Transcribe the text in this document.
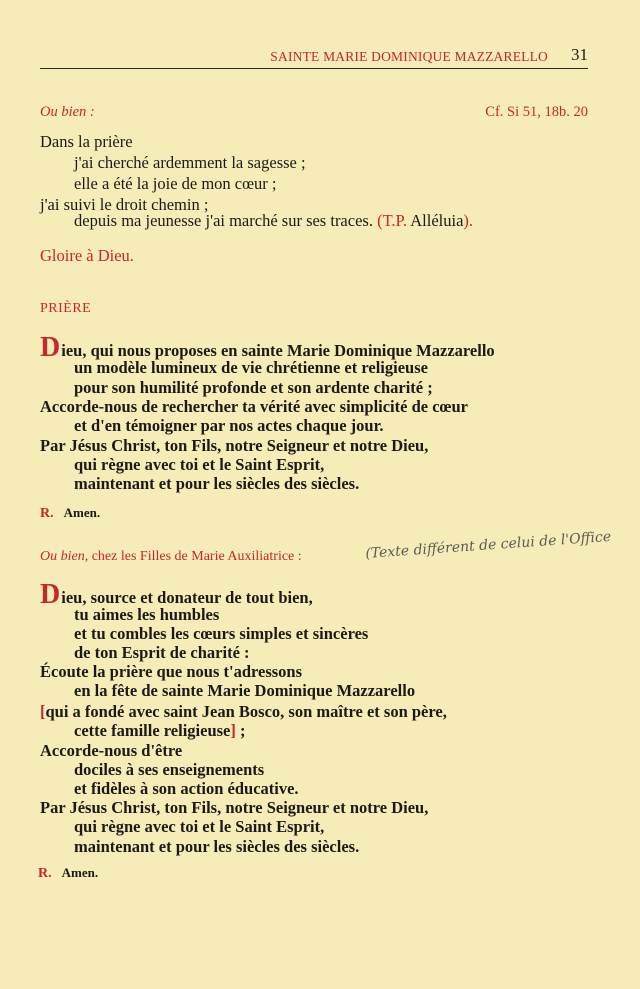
SAINTE MARIE DOMINIQUE MAZZARELLO 31
Ou bien :	Cf. Si 51, 18b. 20
Dans la prière
j'ai cherché ardemment la sagesse ;
elle a été la joie de mon cœur ;
j'ai suivi le droit chemin ;
depuis ma jeunesse j'ai marché sur ses traces. (T.P. Alléluia).
Gloire à Dieu.
PRIÈRE
Dieu, qui nous proposes en sainte Marie Dominique Mazzarello
un modèle lumineux de vie chrétienne et religieuse
pour son humilité profonde et son ardente charité ;
Accorde-nous de rechercher ta vérité avec simplicité de cœur
et d'en témoigner par nos actes chaque jour.
Par Jésus Christ, ton Fils, notre Seigneur et notre Dieu,
qui règne avec toi et le Saint Esprit,
maintenant et pour les siècles des siècles.
R. Amen.
Ou bien, chez les Filles de Marie Auxiliatrice :	(Texte différent de celui de l'Office
Dieu, source et donateur de tout bien,
tu aimes les humbles
et tu combles les cœurs simples et sincères
de ton Esprit de charité :
Écoute la prière que nous t'adressons
en la fête de sainte Marie Dominique Mazzarello
[qui a fondé avec saint Jean Bosco, son maître et son père,
cette famille religieuse] ;
Accorde-nous d'être
dociles à ses enseignements
et fidèles à son action éducative.
Par Jésus Christ, ton Fils, notre Seigneur et notre Dieu,
qui règne avec toi et le Saint Esprit,
maintenant et pour les siècles des siècles.
R. Amen.
